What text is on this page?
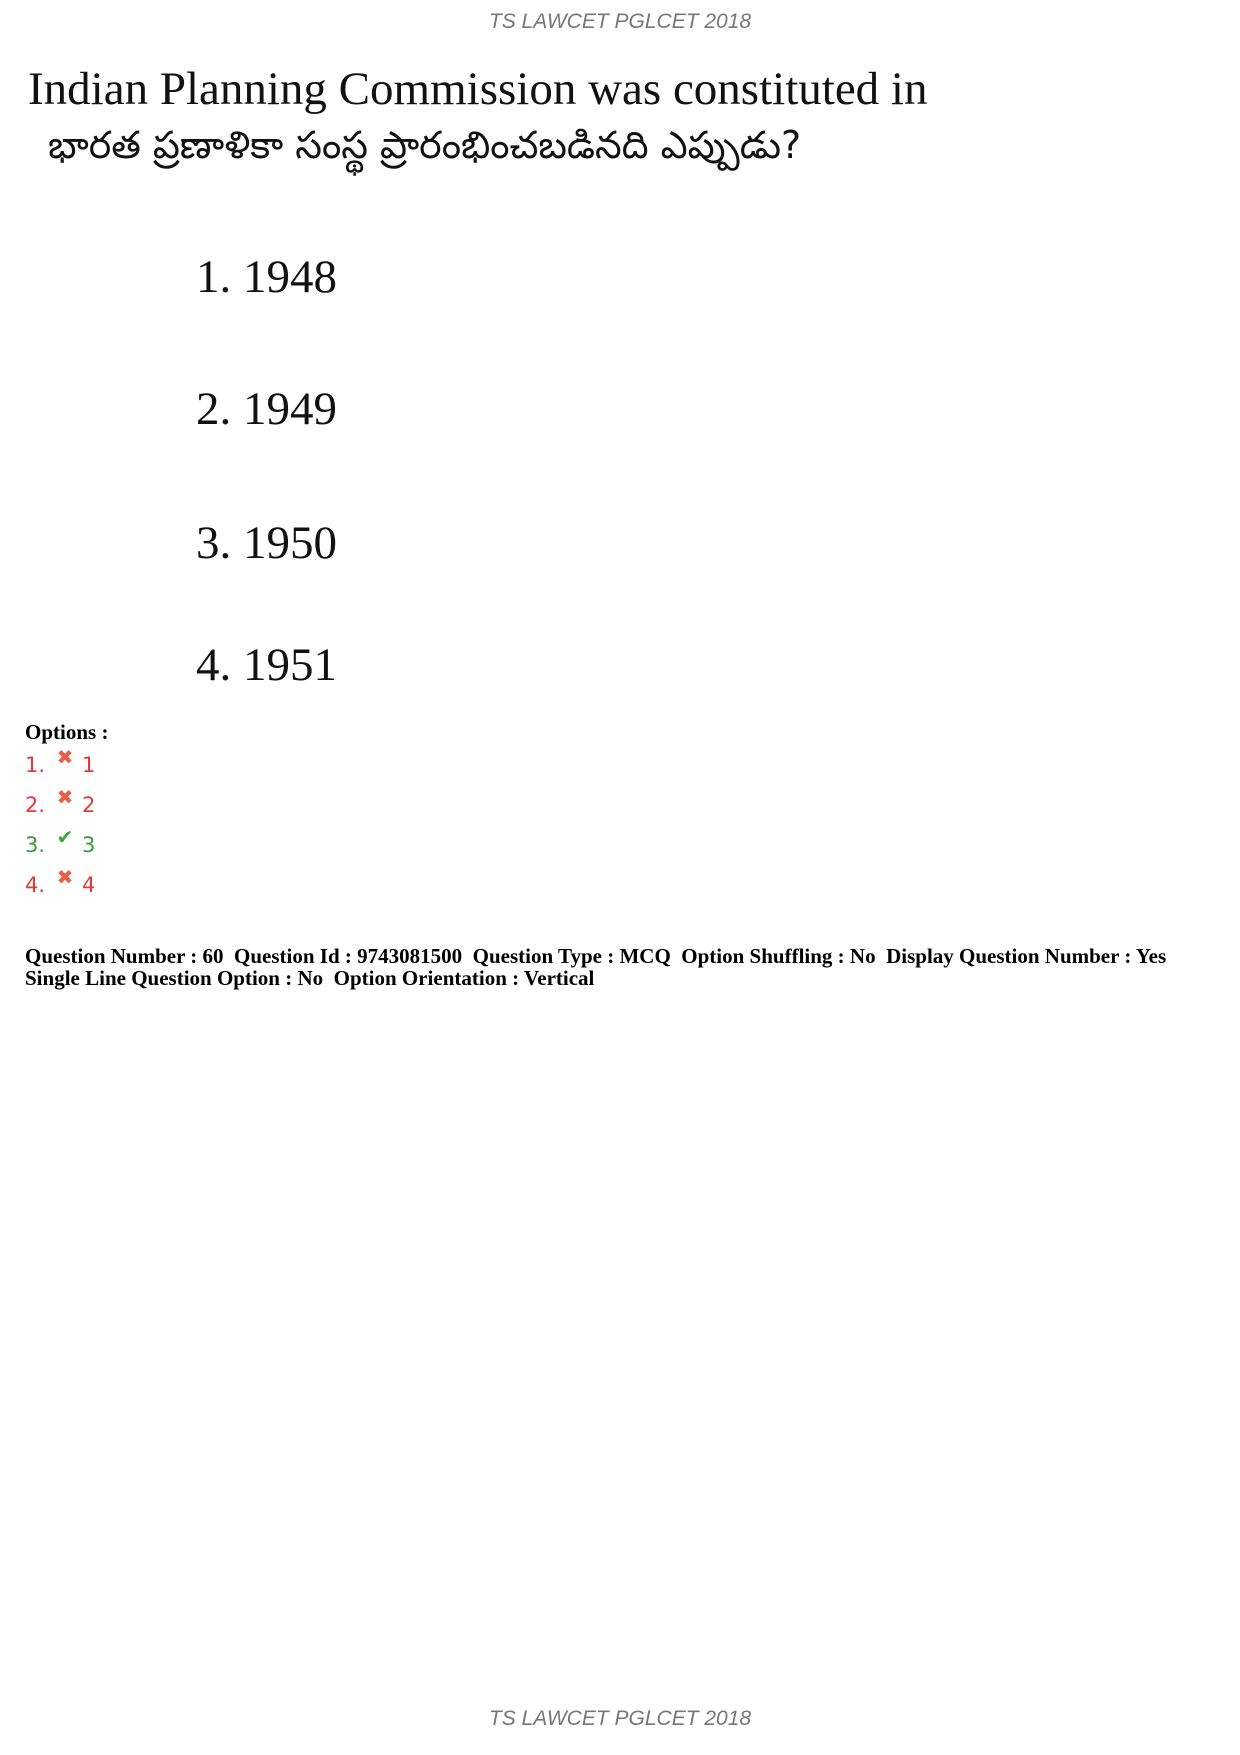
TS LAWCET PGLCET 2018
Indian Planning Commission was constituted in
భారత ప్రణాళికా సంస్థ ప్రారంభించబడినది ఎప్పుడు?
1. 1948
2. 1949
3. 1950
4. 1951
Options :
1. ✖ 1
2. ✖ 2
3. ✔ 3
4. ✖ 4
Question Number : 60  Question Id : 9743081500  Question Type : MCQ  Option Shuffling : No  Display Question Number : Yes
Single Line Question Option : No  Option Orientation : Vertical
TS LAWCET PGLCET 2018
